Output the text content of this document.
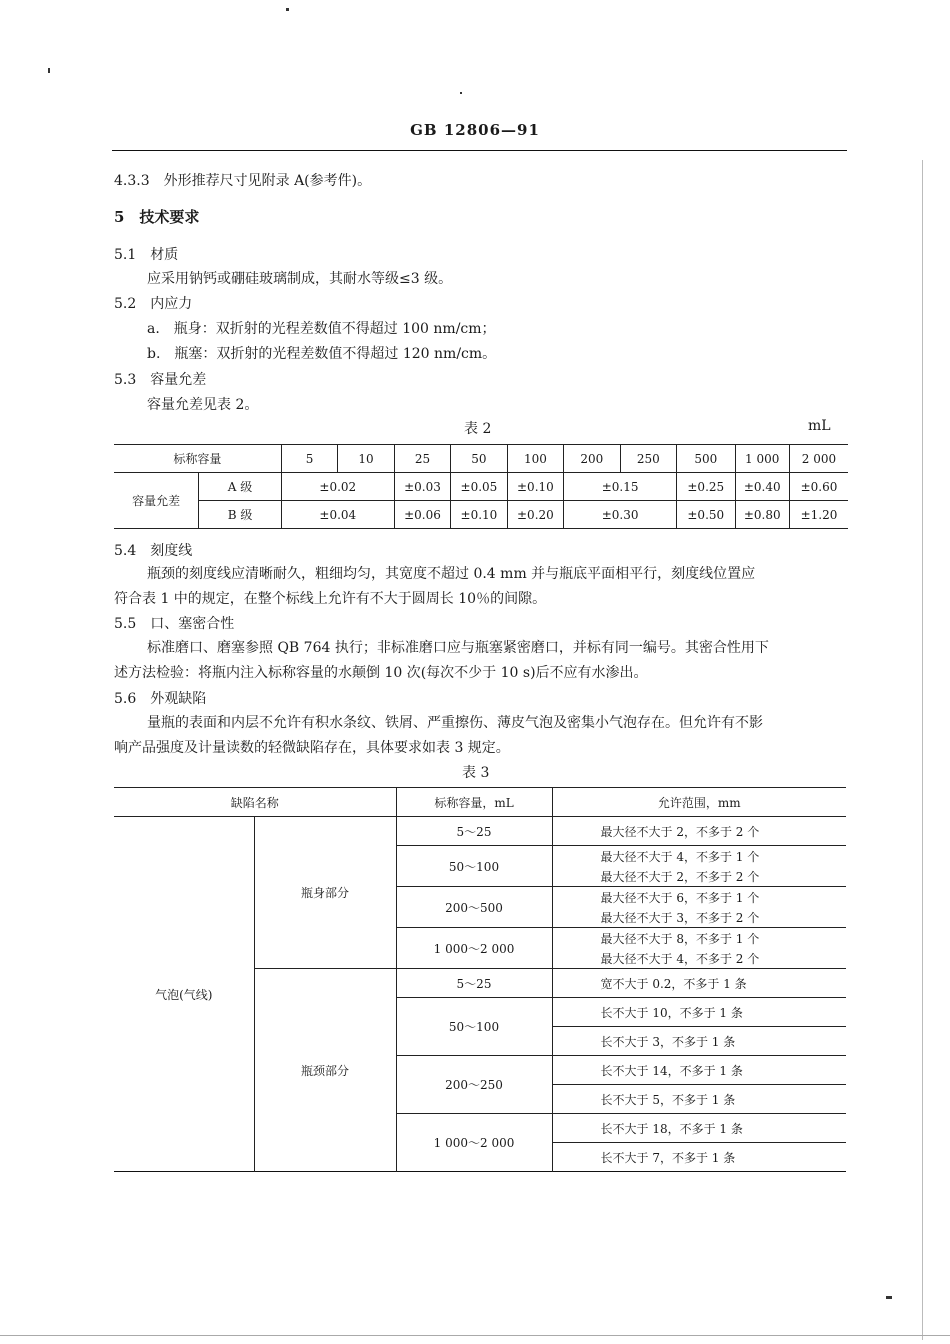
GB 12806—91
4.3.3　外形推荐尺寸见附录 A(参考件)。
5　技术要求
5.1　材质
应采用钠钙或硼硅玻璃制成，其耐水等级≤3 级。
5.2　内应力
a.　瓶身：双折射的光程差数值不得超过 100 nm/cm；
b.　瓶塞：双折射的光程差数值不得超过 120 nm/cm。
5.3　容量允差
容量允差见表 2。
表 2	mL
标称容量		5	10	25	50	100	200	250	500	1 000	2 000
容量允差	A 级	±0.02		±0.03	±0.05	±0.10	±0.15		±0.25	±0.40	±0.60
	B 级	±0.04		±0.06	±0.10	±0.20	±0.30		±0.50	±0.80	±1.20
5.4　刻度线
瓶颈的刻度线应清晰耐久，粗细均匀，其宽度不超过 0.4 mm 并与瓶底平面相平行，刻度线位置应
符合表 1 中的规定，在整个标线上允许有不大于圆周长 10％的间隙。
5.5　口、塞密合性
标准磨口、磨塞参照 QB 764 执行；非标准磨口应与瓶塞紧密磨口，并标有同一编号。其密合性用下
述方法检验：将瓶内注入标称容量的水颠倒 10 次(每次不少于 10 s)后不应有水渗出。
5.6　外观缺陷
量瓶的表面和内层不允许有积水条纹、铁屑、严重擦伤、薄皮气泡及密集小气泡存在。但允许有不影
响产品强度及计量读数的轻微缺陷存在，具体要求如表 3 规定。
表 3
缺陷名称		标称容量，mL	允许范围，mm
气泡(气线)	瓶身部分	5～25	最大径不大于 2，不多于 2 个
		50～100	最大径不大于 4，不多于 1 个
			最大径不大于 2，不多于 2 个
		200～500	最大径不大于 6，不多于 1 个
			最大径不大于 3，不多于 2 个
		1 000～2 000	最大径不大于 8，不多于 1 个
			最大径不大于 4，不多于 2 个
	瓶颈部分	5～25	宽不大于 0.2，不多于 1 条
		50～100	长不大于 10，不多于 1 条
			长不大于 3，不多于 1 条
		200～250	长不大于 14，不多于 1 条
			长不大于 5，不多于 1 条
		1 000～2 000	长不大于 18，不多于 1 条
			长不大于 7，不多于 1 条
